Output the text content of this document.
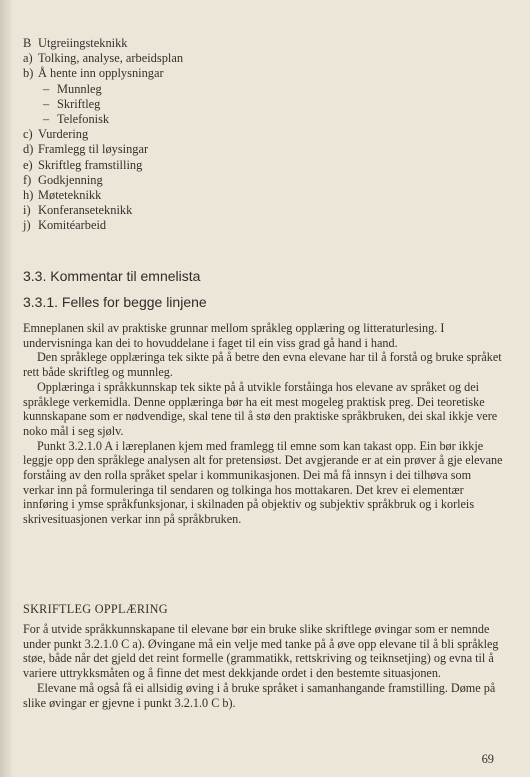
B Utgreiingsteknikk
a) Tolking, analyse, arbeidsplan
b) Å hente inn opplysningar
– Munnleg
– Skriftleg
– Telefonisk
c) Vurdering
d) Framlegg til løysingar
e) Skriftleg framstilling
f) Godkjenning
h) Møteteknikk
i) Konferanseteknikk
j) Komitéarbeid
3.3. Kommentar til emnelista
3.3.1. Felles for begge linjene

Emneplanen skil av praktiske grunnar mellom språkleg opplæring og litteraturlesing. I undervisninga kan dei to hovuddelane i faget til ein viss grad gå hand i hand.

Den språklege opplæringa tek sikte på å betre den evna elevane har til å forstå og bruke språket rett både skriftleg og munnleg.

Opplæringa i språkkunnskap tek sikte på å utvikle forståinga hos elevane av språket og dei språklege verkemidla. Denne opplæringa bør ha eit mest mogeleg praktisk preg. Dei teoretiske kunnskapane som er nødvendige, skal tene til å stø den praktiske språkbruken, dei skal ikkje vere noko mål i seg sjølv.

Punkt 3.2.1.0 A i læreplanen kjem med framlegg til emne som kan takast opp. Ein bør ikkje leggje opp den språklege analysen alt for pretensiøst. Det avgjerande er at ein prøver å gje elevane forståing av den rolla språket spelar i kommunikasjonen. Dei må få innsyn i dei tilhøva som verkar inn på formuleringa til sendaren og tolkinga hos mottakaren. Det krev ei elementær innføring i ymse språkfunksjonar, i skilnaden på objektiv og subjektiv språkbruk og i korleis skrivesituasjonen verkar inn på språkbruken.

SKRIFTLEG OPPLÆRING

For å utvide språkkunnskapane til elevane bør ein bruke slike skriftlege øvingar som er nemnde under punkt 3.2.1.0 C a). Øvingane må ein velje med tanke på å øve opp elevane til å bli språkleg støe, både når det gjeld det reint formelle (grammatikk, rettskriving og teiknsetjing) og evna til å variere uttrykksmåten og å finne det mest dekkjande ordet i den bestemte situasjonen.

Elevane må også få ei allsidig øving i å bruke språket i samanhangande framstilling. Døme på slike øvingar er gjevne i punkt 3.2.1.0 C b).

69
